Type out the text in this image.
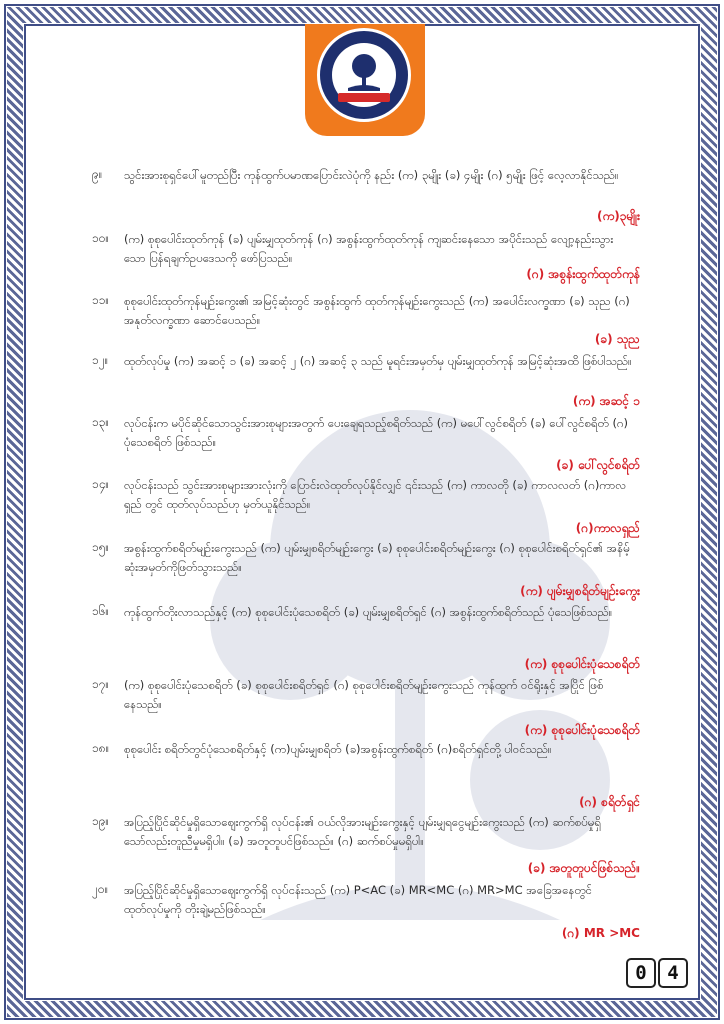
၉။	သွင်းအားစုရှင်ပေါ်မူတည်ပြီး ကုန်ထွက်ပမာဏပြောင်းလဲပုံကို နည်း (က) ၃မျိုး (ခ) ၄မျိုး (ဂ) ၅မျိုး ဖြင့် လေ့လာနိုင်သည်။
(က)၃မျိုး
၁၀။	(က) စုစုပေါင်းထုတ်ကုန် (ခ) ပျမ်းမျှထုတ်ကုန် (ဂ) အစွန်းထွက်ထုတ်ကုန် ကျဆင်းနေသော အပိုင်းသည် လျော့နည်းသွားသော ပြန်ရချက်ဥပဒေသကို ဖော်ပြသည်။
(ဂ) အစွန်းထွက်ထုတ်ကုန်
၁၁။	စုစုပေါင်းထုတ်ကုန်မျဉ်းကွေး၏ အမြင့်ဆုံးတွင် အစွန်းထွက် ထုတ်ကုန်မျဉ်းကွေးသည် (က) အပေါင်းလက္ခဏာ (ခ) သုည (ဂ) အနုတ်လက္ခဏာ ဆောင်ပေသည်။
(ခ) သုည
၁၂။	ထုတ်လုပ်မှု (က) အဆင့် ၁ (ခ) အဆင့် ၂ (ဂ) အဆင့် ၃ သည် မူရင်းအမှတ်မှ ပျမ်းမျှထုတ်ကုန် အမြင့်ဆုံးအထိ ဖြစ်ပါသည်။
(က) အဆင့် ၁
၁၃။	လုပ်ငန်းက မပိုင်ဆိုင်သောသွင်းအားစုများအတွက် ပေးချေရသည့်စရိတ်သည် (က) မပေါ်လွင်စရိတ် (ခ) ပေါ်လွင်စရိတ် (ဂ) ပုံသေစရိတ် ဖြစ်သည်။
(ခ) ပေါ်လွင်စရိတ်
၁၄။	လုပ်ငန်းသည် သွင်းအားစုများအားလုံးကို ပြောင်းလဲထုတ်လုပ်နိုင်လျှင် ၎င်းသည် (က) ကာလတို (ခ) ကာလလတ် (ဂ)ကာလရှည် တွင် ထုတ်လုပ်သည်ဟု မှတ်ယူနိုင်သည်။
(ဂ)ကာလရှည်
၁၅။	အစွန်းထွက်စရိတ်မျဉ်းကွေးသည် (က) ပျမ်းမျှစရိတ်မျဉ်းကွေး (ခ) စုစုပေါင်းစရိတ်မျဉ်းကွေး (ဂ) စုစုပေါင်းစရိတ်ရှင်၏ အနိမ့်ဆုံးအမှတ်ကိုဖြတ်သွားသည်။
(က) ပျမ်းမျှစရိတ်မျဉ်းကွေး
၁၆။	ကုန်ထွက်တိုးလာသည်နှင့် (က) စုစုပေါင်းပုံသေစရိတ် (ခ) ပျမ်းမျှစရိတ်ရှင် (ဂ) အစွန်းထွက်စရိတ်သည် ပုံသေဖြစ်သည်။
(က) စုစုပေါင်းပုံသေစရိတ်
၁၇။	(က) စုစုပေါင်းပုံသေစရိတ် (ခ) စုစုပေါင်းစရိတ်ရှင် (ဂ) စုစုပေါင်းစရိတ်မျဉ်းကွေးသည် ကုန်ထွက် ဝင်ရိုးနှင့် အပြိုင် ဖြစ်နေသည်။
(က) စုစုပေါင်းပုံသေစရိတ်
၁၈။	စုစုပေါင်း စရိတ်တွင်ပုံသေစရိတ်နှင့် (က)ပျမ်းမျှစရိတ် (ခ)အစွန်းထွက်စရိတ် (ဂ)စရိတ်ရှင်တို့ ပါဝင်သည်။
(ဂ) စရိတ်ရှင်
၁၉။	အပြည့်ပြိုင်ဆိုင်မှုရှိသောဈေးကွက်ရှိ လုပ်ငန်း၏ ဝယ်လိုအားမျဉ်းကွေးနှင့် ပျမ်းမျှရငွေမျဉ်းကွေးသည် (က) ဆက်စပ်မှုရှိသော်လည်းတူညီမှုမရှိပါ။ (ခ) အတူတူပင်ဖြစ်သည်။ (ဂ) ဆက်စပ်မှုမရှိပါ။
(ခ) အတူတူပင်ဖြစ်သည်။
၂၀။	အပြည့်ပြိုင်ဆိုင်မှုရှိသောဈေးကွက်ရှိ လုပ်ငန်းသည် (က) P<AC (ခ) MR<MC (ဂ) MR>MC အခြေအနေတွင် ထုတ်လုပ်မှုကို တိုးချဲ့မည်ဖြစ်သည်။
(ဂ) MR >MC
0	4
